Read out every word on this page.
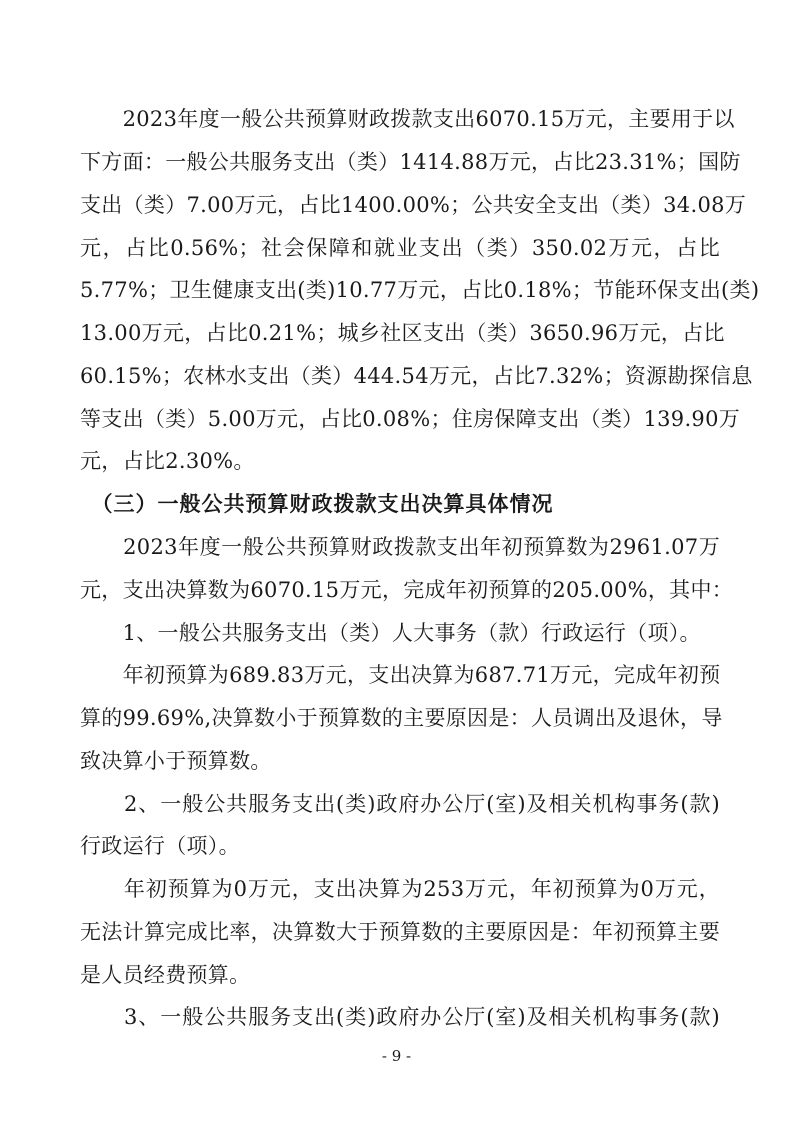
　　2023年度一般公共预算财政拨款支出6070.15万元，主要用于以
下方面：一般公共服务支出（类）1414.88万元，占比23.31%；国防
支出（类）7.00万元，占比1400.00%；公共安全支出（类）34.08万
元，占比0.56%；社会保障和就业支出（类）350.02万元，占比
5.77%；卫生健康支出(类)10.77万元，占比0.18%；节能环保支出(类)
13.00万元，占比0.21%；城乡社区支出（类）3650.96万元，占比
60.15%；农林水支出（类）444.54万元，占比7.32%；资源勘探信息
等支出（类）5.00万元，占比0.08%；住房保障支出（类）139.90万
元，占比2.30%。
　（三）一般公共预算财政拨款支出决算具体情况
　　2023年度一般公共预算财政拨款支出年初预算数为2961.07万
元，支出决算数为6070.15万元，完成年初预算的205.00%，其中：
　　1、一般公共服务支出（类）人大事务（款）行政运行（项）。
　　年初预算为689.83万元，支出决算为687.71万元，完成年初预
算的99.69%,决算数小于预算数的主要原因是：人员调出及退休，导
致决算小于预算数。
　　2、一般公共服务支出(类)政府办公厅(室)及相关机构事务(款)
行政运行（项）。
　　年初预算为0万元，支出决算为253万元，年初预算为0万元，
无法计算完成比率，决算数大于预算数的主要原因是：年初预算主要
是人员经费预算。
　　3、一般公共服务支出(类)政府办公厅(室)及相关机构事务(款)
- 9 -
